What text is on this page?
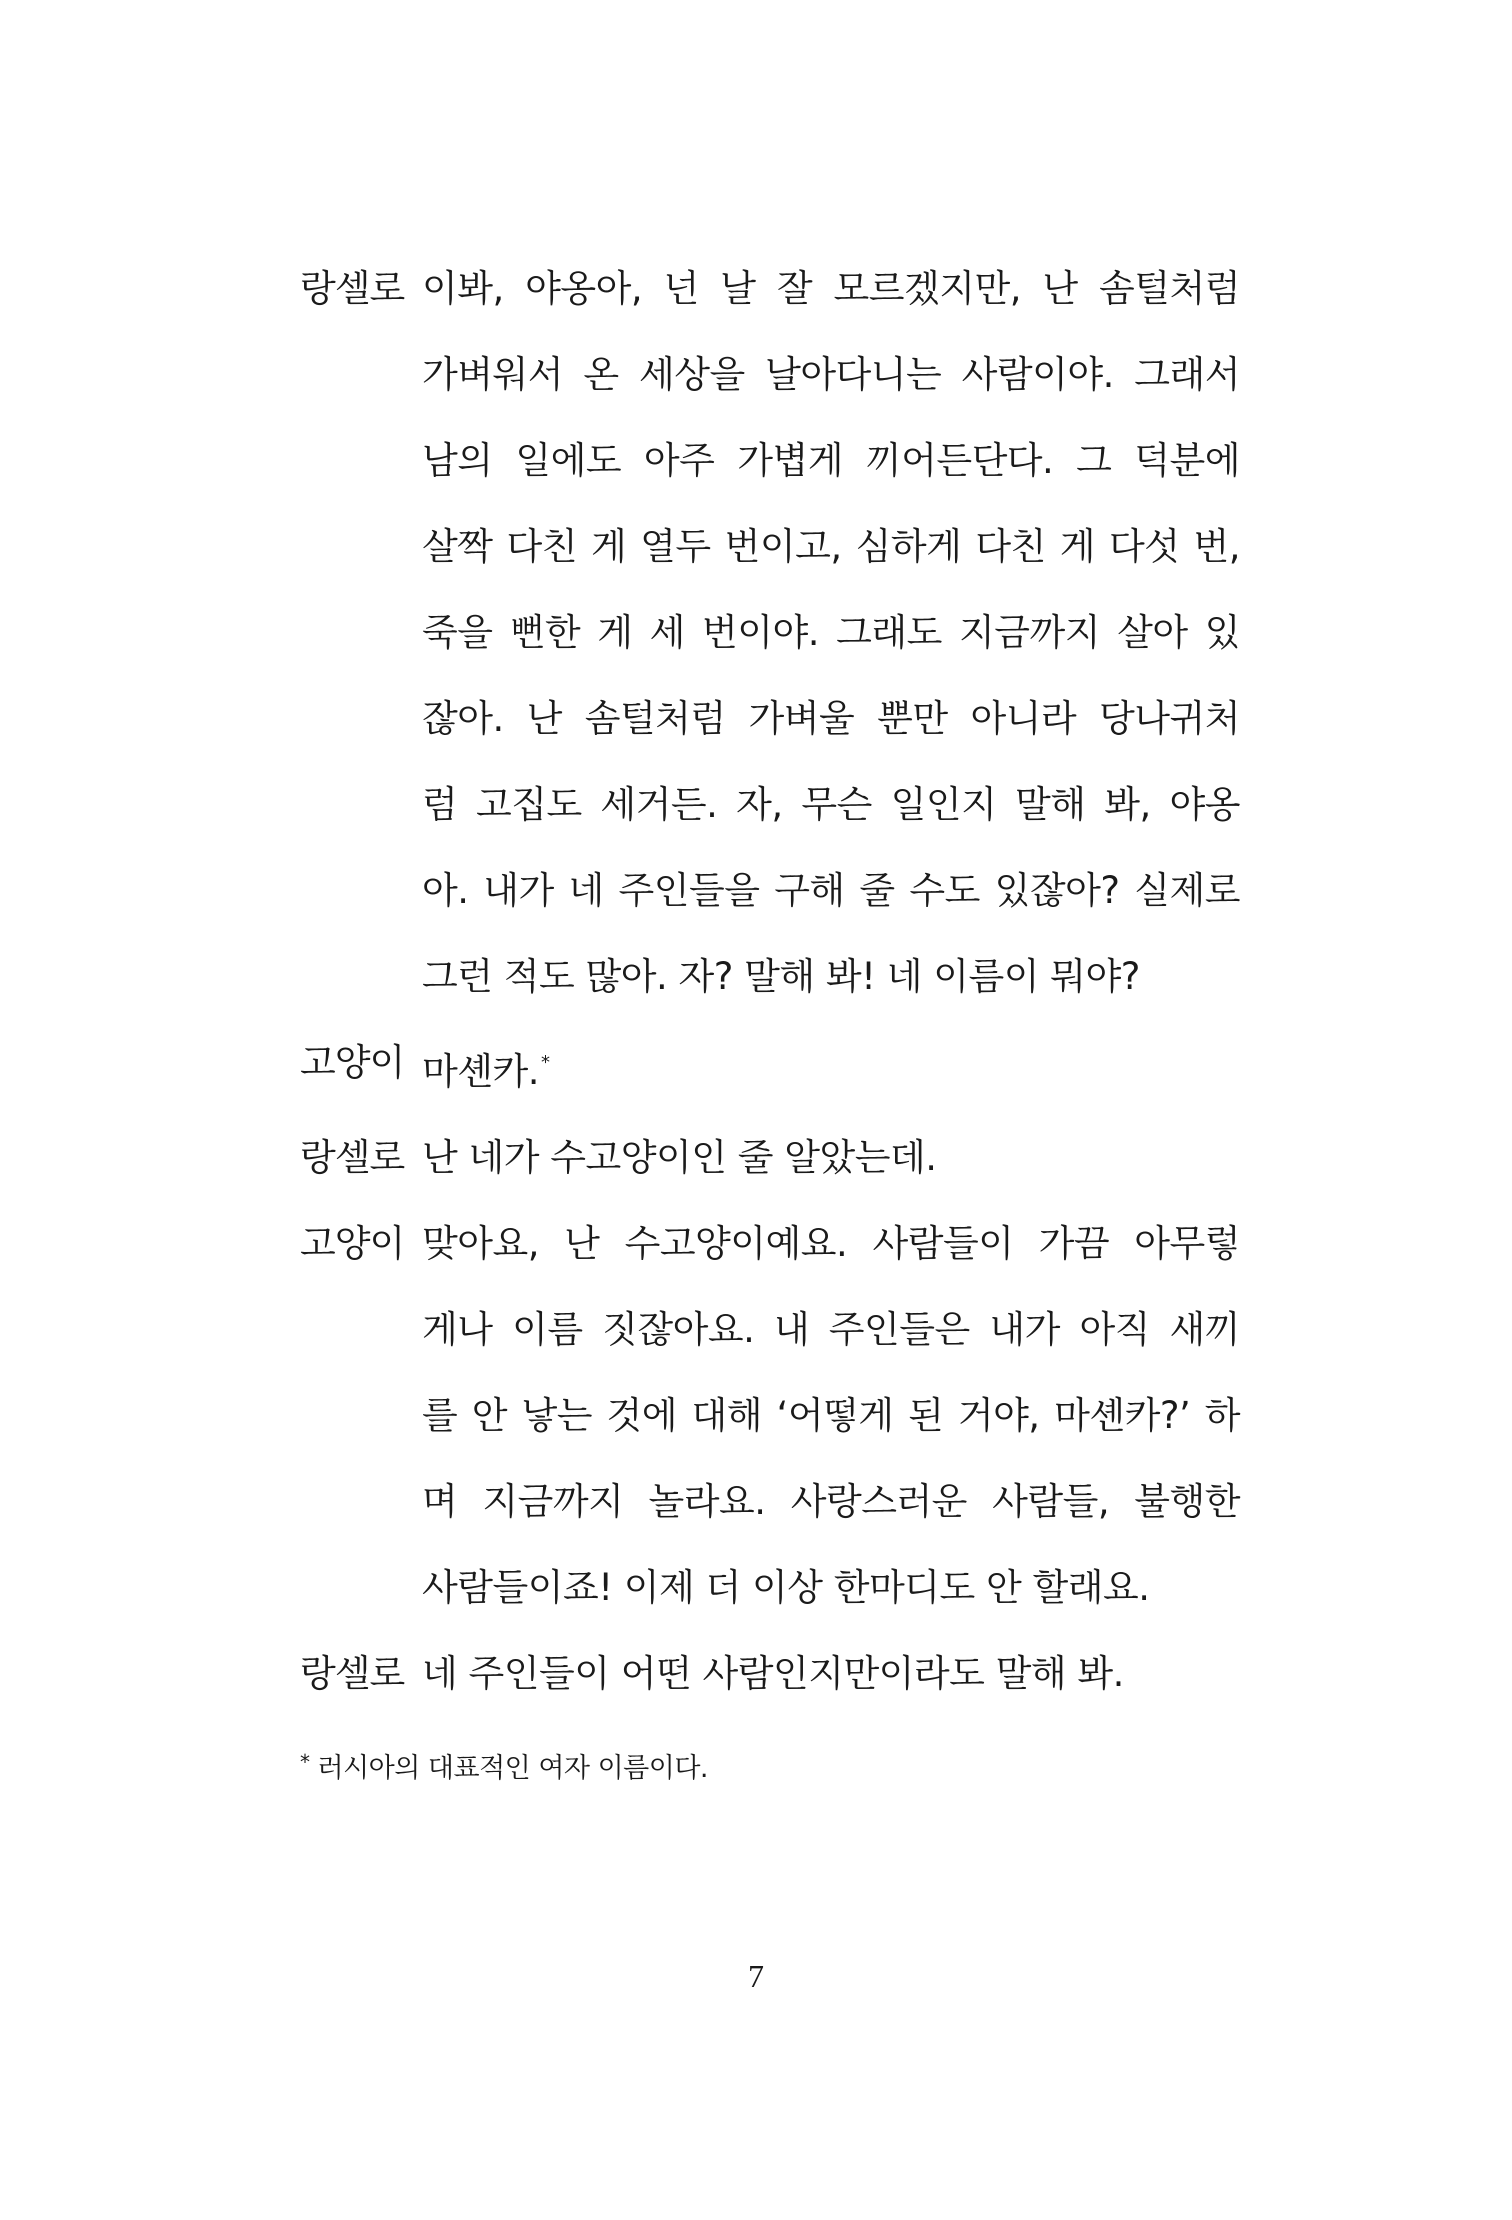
랑셀로 이봐, 야옹아, 넌 날 잘 모르겠지만, 난 솜털처럼
가벼워서 온 세상을 날아다니는 사람이야. 그래서
남의 일에도 아주 가볍게 끼어든단다. 그 덕분에
살짝 다친 게 열두 번이고, 심하게 다친 게 다섯 번,
죽을 뻔한 게 세 번이야. 그래도 지금까지 살아 있
잖아. 난 솜털처럼 가벼울 뿐만 아니라 당나귀처
럼 고집도 세거든. 자, 무슨 일인지 말해 봐, 야옹
아. 내가 네 주인들을 구해 줄 수도 있잖아? 실제로
그런 적도 많아. 자? 말해 봐! 네 이름이 뭐야?
고양이 마셴카. *
랑셀로 난 네가 수고양이인 줄 알았는데.
고양이 맞아요, 난 수고양이예요. 사람들이 가끔 아무렇
게나 이름 짓잖아요. 내 주인들은 내가 아직 새끼
를 안 낳는 것에 대해 ‘어떻게 된 거야, 마셴카?’ 하
며 지금까지 놀라요. 사랑스러운 사람들, 불행한
사람들이죠! 이제 더 이상 한마디도 안 할래요.
랑셀로 네 주인들이 어떤 사람인지만이라도 말해 봐.
* 러시아의 대표적인 여자 이름이다.
7
